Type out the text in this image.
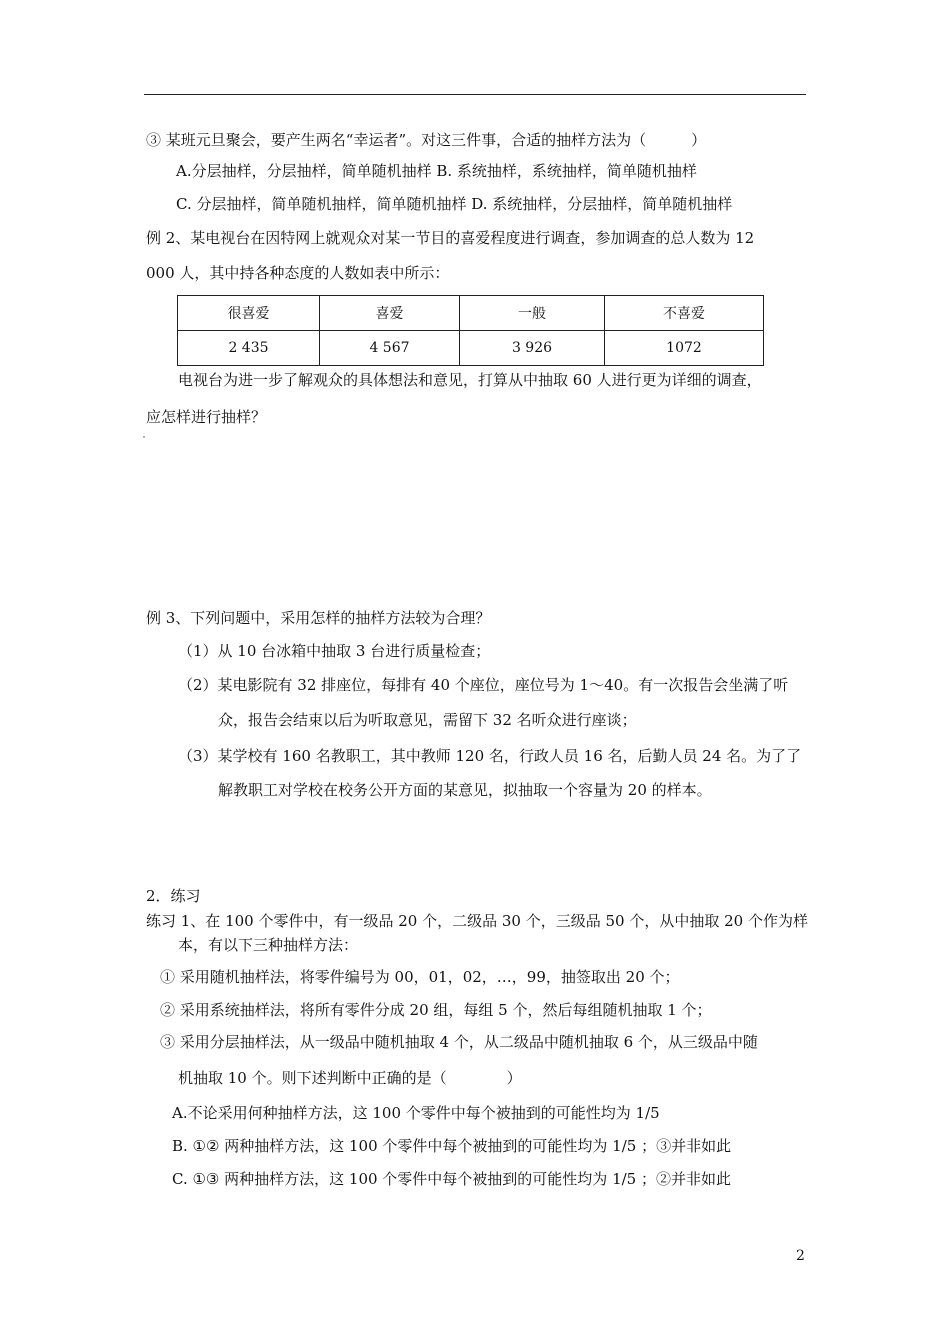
③ 某班元旦聚会，要产生两名“幸运者”。对这三件事，合适的抽样方法为（　　　）
A.分层抽样，分层抽样，简单随机抽样 B. 系统抽样，系统抽样，简单随机抽样
C. 分层抽样，简单随机抽样，简单随机抽样 D. 系统抽样，分层抽样，简单随机抽样
例 2、某电视台在因特网上就观众对某一节目的喜爱程度进行调查，参加调查的总人数为 12
000 人，其中持各种态度的人数如表中所示：
很喜爱	喜爱	一般	不喜爱
2 435	4 567	3 926	1072
电视台为进一步了解观众的具体想法和意见，打算从中抽取 60 人进行更为详细的调查，
应怎样进行抽样？
例 3、下列问题中，采用怎样的抽样方法较为合理？
（1）从 10 台冰箱中抽取 3 台进行质量检查；
（2）某电影院有 32 排座位，每排有 40 个座位，座位号为 1～40。有一次报告会坐满了听
众，报告会结束以后为听取意见，需留下 32 名听众进行座谈；
（3）某学校有 160 名教职工，其中教师 120 名，行政人员 16 名，后勤人员 24 名。为了了
解教职工对学校在校务公开方面的某意见，拟抽取一个容量为 20 的样本。
2．练习
练习 1、在 100 个零件中，有一级品 20 个，二级品 30 个，三级品 50 个，从中抽取 20 个作为样
本，有以下三种抽样方法：
① 采用随机抽样法，将零件编号为 00，01，02，…，99，抽签取出 20 个；
② 采用系统抽样法，将所有零件分成 20 组，每组 5 个，然后每组随机抽取 1 个；
③ 采用分层抽样法，从一级品中随机抽取 4 个，从二级品中随机抽取 6 个，从三级品中随
机抽取 10 个。则下述判断中正确的是（　　　　）
A.不论采用何种抽样方法，这 100 个零件中每个被抽到的可能性均为 1/5
B. ①② 两种抽样方法，这 100 个零件中每个被抽到的可能性均为 1/5 ；③并非如此
C. ①③ 两种抽样方法，这 100 个零件中每个被抽到的可能性均为 1/5 ；②并非如此
2
